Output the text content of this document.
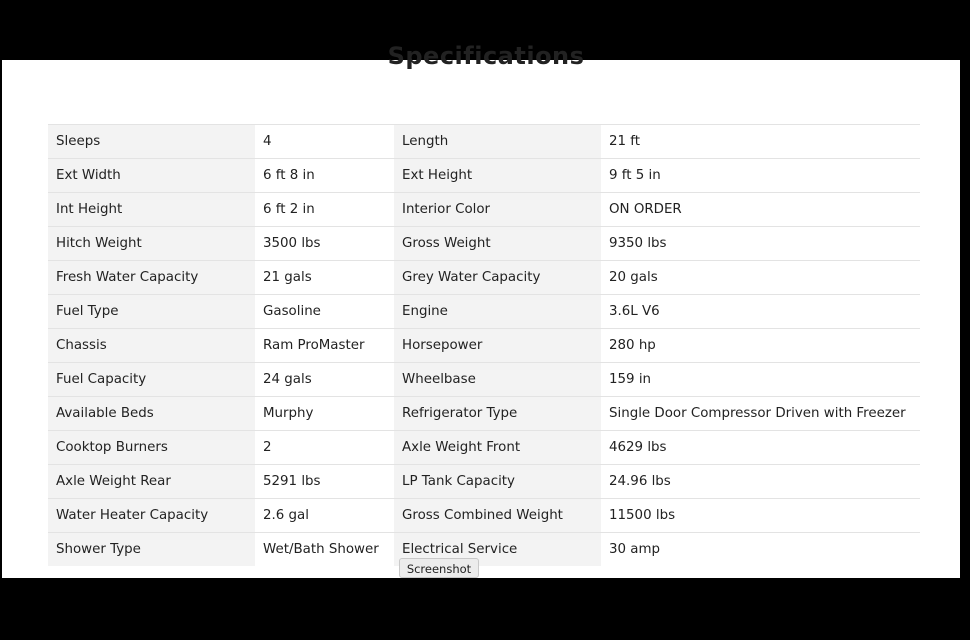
Specifications
Sleeps	4	Length	21 ft
Ext Width	6 ft 8 in	Ext Height	9 ft 5 in
Int Height	6 ft 2 in	Interior Color	ON ORDER
Hitch Weight	3500 lbs	Gross Weight	9350 lbs
Fresh Water Capacity	21 gals	Grey Water Capacity	20 gals
Fuel Type	Gasoline	Engine	3.6L V6
Chassis	Ram ProMaster	Horsepower	280 hp
Fuel Capacity	24 gals	Wheelbase	159 in
Available Beds	Murphy	Refrigerator Type	Single Door Compressor Driven with Freezer
Cooktop Burners	2	Axle Weight Front	4629 lbs
Axle Weight Rear	5291 lbs	LP Tank Capacity	24.96 lbs
Water Heater Capacity	2.6 gal	Gross Combined Weight	11500 lbs
Shower Type	Wet/Bath Shower	Electrical Service	30 amp
Screenshot
